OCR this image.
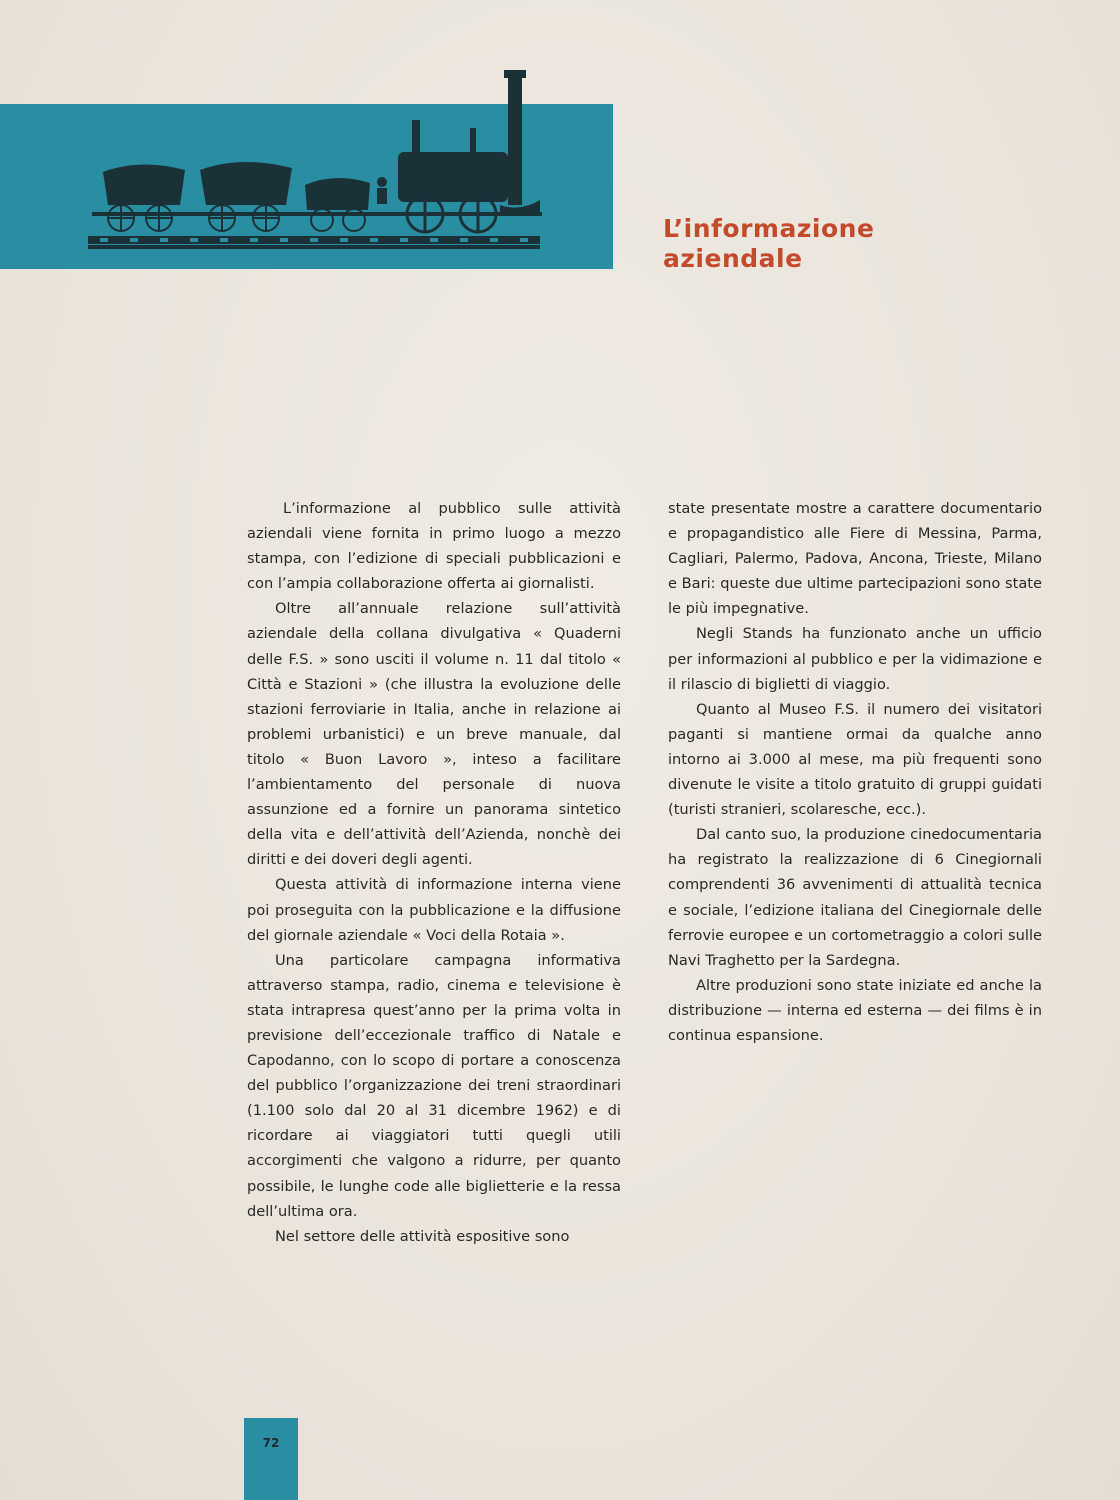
L’informazione
aziendale

L’informazione al pubblico sulle attività aziendali viene fornita in primo luogo a mezzo stampa, con l’edizione di speciali pubblicazioni e con l’ampia collaborazione offerta ai giornalisti.

Oltre all’annuale relazione sull’attività aziendale della collana divulgativa « Quaderni delle F.S. » sono usciti il volume n. 11 dal titolo « Città e Stazioni » (che illustra la evoluzione delle stazioni ferroviarie in Italia, anche in relazione ai problemi urbanistici) e un breve manuale, dal titolo « Buon Lavoro », inteso a facilitare l’ambientamento del personale di nuova assunzione ed a fornire un panorama sintetico della vita e dell’attività dell’Azienda, nonchè dei diritti e dei doveri degli agenti.

Questa attività di informazione interna viene poi proseguita con la pubblicazione e la diffusione del giornale aziendale « Voci della Rotaia ».

Una particolare campagna informativa attraverso stampa, radio, cinema e televisione è stata intrapresa quest’anno per la prima volta in previsione dell’eccezionale traffico di Natale e Capodanno, con lo scopo di portare a conoscenza del pubblico l’organizzazione dei treni straordinari (1.100 solo dal 20 al 31 dicembre 1962) e di ricordare ai viaggiatori tutti quegli utili accorgimenti che valgono a ridurre, per quanto possibile, le lunghe code alle biglietterie e la ressa dell’ultima ora.

Nel settore delle attività espositive sono

state presentate mostre a carattere documentario e propagandistico alle Fiere di Messina, Parma, Cagliari, Palermo, Padova, Ancona, Trieste, Milano e Bari: queste due ultime partecipazioni sono state le più impegnative.

Negli Stands ha funzionato anche un ufficio per informazioni al pubblico e per la vidimazione e il rilascio di biglietti di viaggio.

Quanto al Museo F.S. il numero dei visitatori paganti si mantiene ormai da qualche anno intorno ai 3.000 al mese, ma più frequenti sono divenute le visite a titolo gratuito di gruppi guidati (turisti stranieri, scolaresche, ecc.).

Dal canto suo, la produzione cinedocumentaria ha registrato la realizzazione di 6 Cinegiornali comprendenti 36 avvenimenti di attualità tecnica e sociale, l’edizione italiana del Cinegiornale delle ferrovie europee e un cortometraggio a colori sulle Navi Traghetto per la Sardegna.

Altre produzioni sono state iniziate ed anche la distribuzione — interna ed esterna — dei films è in continua espansione.

72
